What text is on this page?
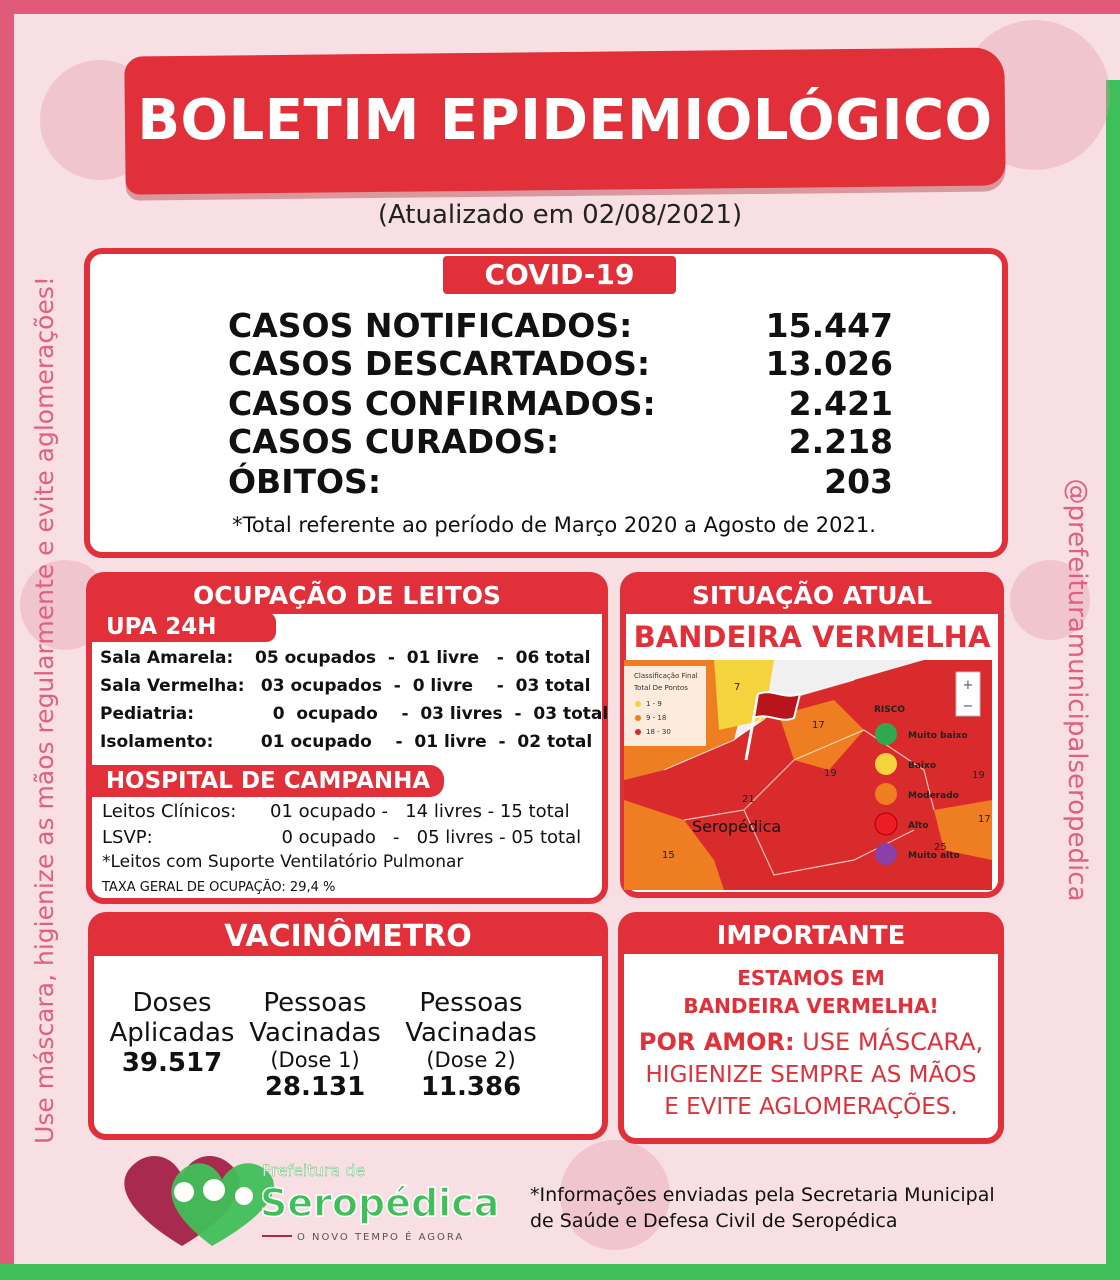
BOLETIM EPIDEMIOLÓGICO
(Atualizado em 02/08/2021)
Use máscara, higienize as mãos regularmente e evite aglomerações!	@prefeituramunicipalseropedica
COVID-19
CASOS NOTIFICADOS:	15.447
CASOS DESCARTADOS:	13.026
CASOS CONFIRMADOS:	2.421
CASOS CURADOS:	2.218
ÓBITOS:	203
*Total referente ao período de Março 2020 a Agosto de 2021.
OCUPAÇÃO DE LEITOS
UPA 24H
Sala Amarela: 05 ocupados  -  01 livre   -  06 total
Sala Vermelha: 03 ocupados  -  0 livre    -  03 total
Pediatria:	0  ocupado    -  03 livres  -  03 total
Isolamento: 01 ocupado    -  01 livre  -  02 total
HOSPITAL DE CAMPANHA
Leitos Clínicos: 01 ocupado -   14 livres - 15 total
LSVP:	0 ocupado   -   05 livres - 05 total
*Leitos com Suporte Ventilatório Pulmonar
TAXA GERAL DE OCUPAÇÃO: 29,4 %
SITUAÇÃO ATUAL
BANDEIRA VERMELHA
Classificação Final
Total De Pontos
1 - 9
9 - 18
18 - 30
+
−
RISCO
Muito baixo
Baixo
Moderado
Alto
Muito alto
7
17
19
21
19
17
25
15
Seropédica
VACINÔMETRO
Doses
Aplicadas
39.517
Pessoas
Vacinadas
(Dose 1)
28.131
Pessoas
Vacinadas
(Dose 2)
11.386
IMPORTANTE
ESTAMOS EM
BANDEIRA VERMELHA!
POR AMOR: USE MÁSCARA,
HIGIENIZE SEMPRE AS MÃOS
E EVITE AGLOMERAÇÕES.
Prefeitura de
Seropédica
O NOVO TEMPO É AGORA
*Informações enviadas pela Secretaria Municipal
de Saúde e Defesa Civil de Seropédica
